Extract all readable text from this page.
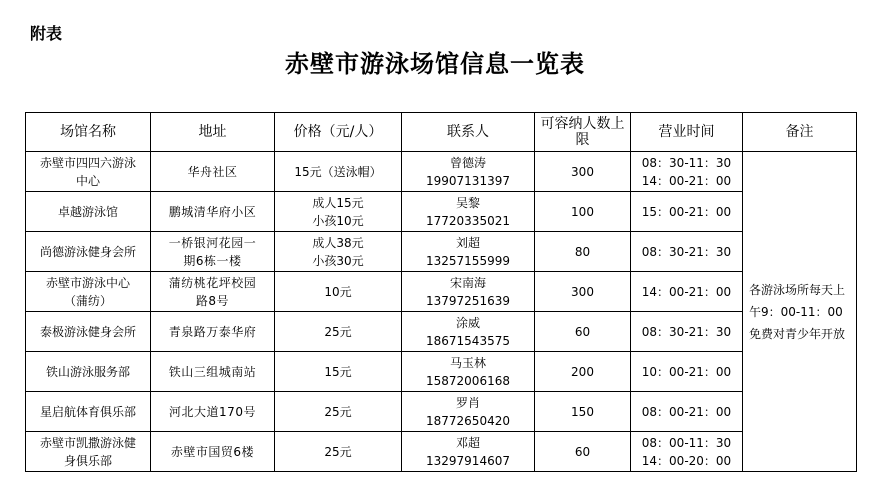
附表
赤壁市游泳场馆信息一览表
场馆名称	地址	价格（元/人）	联系人	可容纳人数上限	营业时间	备注

赤壁市四四六游泳
中心	华舟社区	15元（送泳帽）	曾德涛
19907131397	300	08：30-11：30
14：00-21：00	各游泳场所每天上午9：00-11：00免费对青少年开放

卓越游泳馆	鹏城清华府小区	成人15元
小孩10元	吴黎
17720335021	100	15：00-21：00	

尚德游泳健身会所	一桥银河花园一
期6栋一楼	成人38元
小孩30元	刘超
13257155999	80	08：30-21：30	

赤壁市游泳中心
（蒲纺）	蒲纺桃花坪校园
路8号	10元	宋南海
13797251639	300	14：00-21：00	

泰极游泳健身会所	青泉路万泰华府	25元	涂威
18671543575	60	08：30-21：30	

铁山游泳服务部	铁山三组城南站	15元	马玉林
15872006168	200	10：00-21：00	

星启航体育俱乐部	河北大道170号	25元	罗肖
18772650420	150	08：00-21：00	

赤壁市凯撒游泳健
身俱乐部	赤壁市国贸6楼	25元	邓超
13297914607	60	08：00-11：30
14：00-20：00	
